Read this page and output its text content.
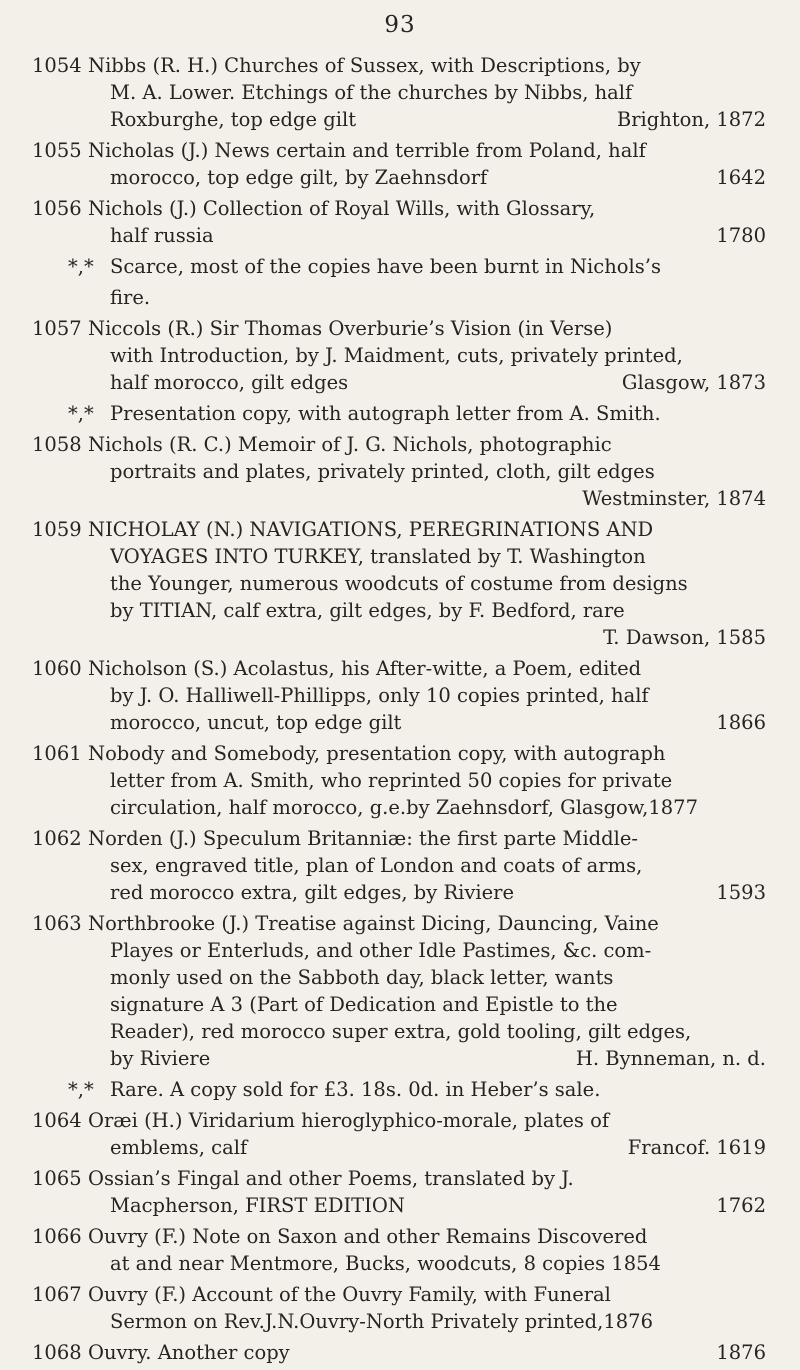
93
1054 Nibbs (R. H.) Churches of Sussex, with Descriptions, by
M. A. Lower. Etchings of the churches by Nibbs, half
Roxburghe, top edge gilt	Brighton, 1872
1055 Nicholas (J.) News certain and terrible from Poland, half
morocco, top edge gilt, by Zaehnsdorf	1642
1056 Nichols (J.) Collection of Royal Wills, with Glossary,
half russia	1780
*,* Scarce, most of the copies have been burnt in Nichols’s
fire.
1057 Niccols (R.) Sir Thomas Overburie’s Vision (in Verse)
with Introduction, by J. Maidment, cuts, privately printed,
half morocco, gilt edges	Glasgow, 1873
*,* Presentation copy, with autograph letter from A. Smith.
1058 Nichols (R. C.) Memoir of J. G. Nichols, photographic
portraits and plates, privately printed, cloth, gilt edges
Westminster, 1874
1059 NICHOLAY (N.) NAVIGATIONS, PEREGRINATIONS AND
VOYAGES INTO TURKEY, translated by T. Washington
the Younger, numerous woodcuts of costume from designs
by TITIAN, calf extra, gilt edges, by F. Bedford, rare
T. Dawson, 1585
1060 Nicholson (S.) Acolastus, his After-witte, a Poem, edited
by J. O. Halliwell-Phillipps, only 10 copies printed, half
morocco, uncut, top edge gilt	1866
1061 Nobody and Somebody, presentation copy, with autograph
letter from A. Smith, who reprinted 50 copies for private
circulation, half morocco, g.e.by Zaehnsdorf, Glasgow,1877
1062 Norden (J.) Speculum Britanniæ: the first parte Middle-
sex, engraved title, plan of London and coats of arms,
red morocco extra, gilt edges, by Riviere	1593
1063 Northbrooke (J.) Treatise against Dicing, Dauncing, Vaine
Playes or Enterluds, and other Idle Pastimes, &c. com-
monly used on the Sabboth day, black letter, wants
signature A 3 (Part of Dedication and Epistle to the
Reader), red morocco super extra, gold tooling, gilt edges,
by Riviere	H. Bynneman, n. d.
*,* Rare. A copy sold for £3. 18s. 0d. in Heber’s sale.
1064 Oræi (H.) Viridarium hieroglyphico-morale, plates of
emblems, calf	Francof. 1619
1065 Ossian’s Fingal and other Poems, translated by J.
Macpherson, FIRST EDITION	1762
1066 Ouvry (F.) Note on Saxon and other Remains Discovered
at and near Mentmore, Bucks, woodcuts, 8 copies 1854
1067 Ouvry (F.) Account of the Ouvry Family, with Funeral
Sermon on Rev.J.N.Ouvry-North Privately printed,1876
1068 Ouvry. Another copy	1876
